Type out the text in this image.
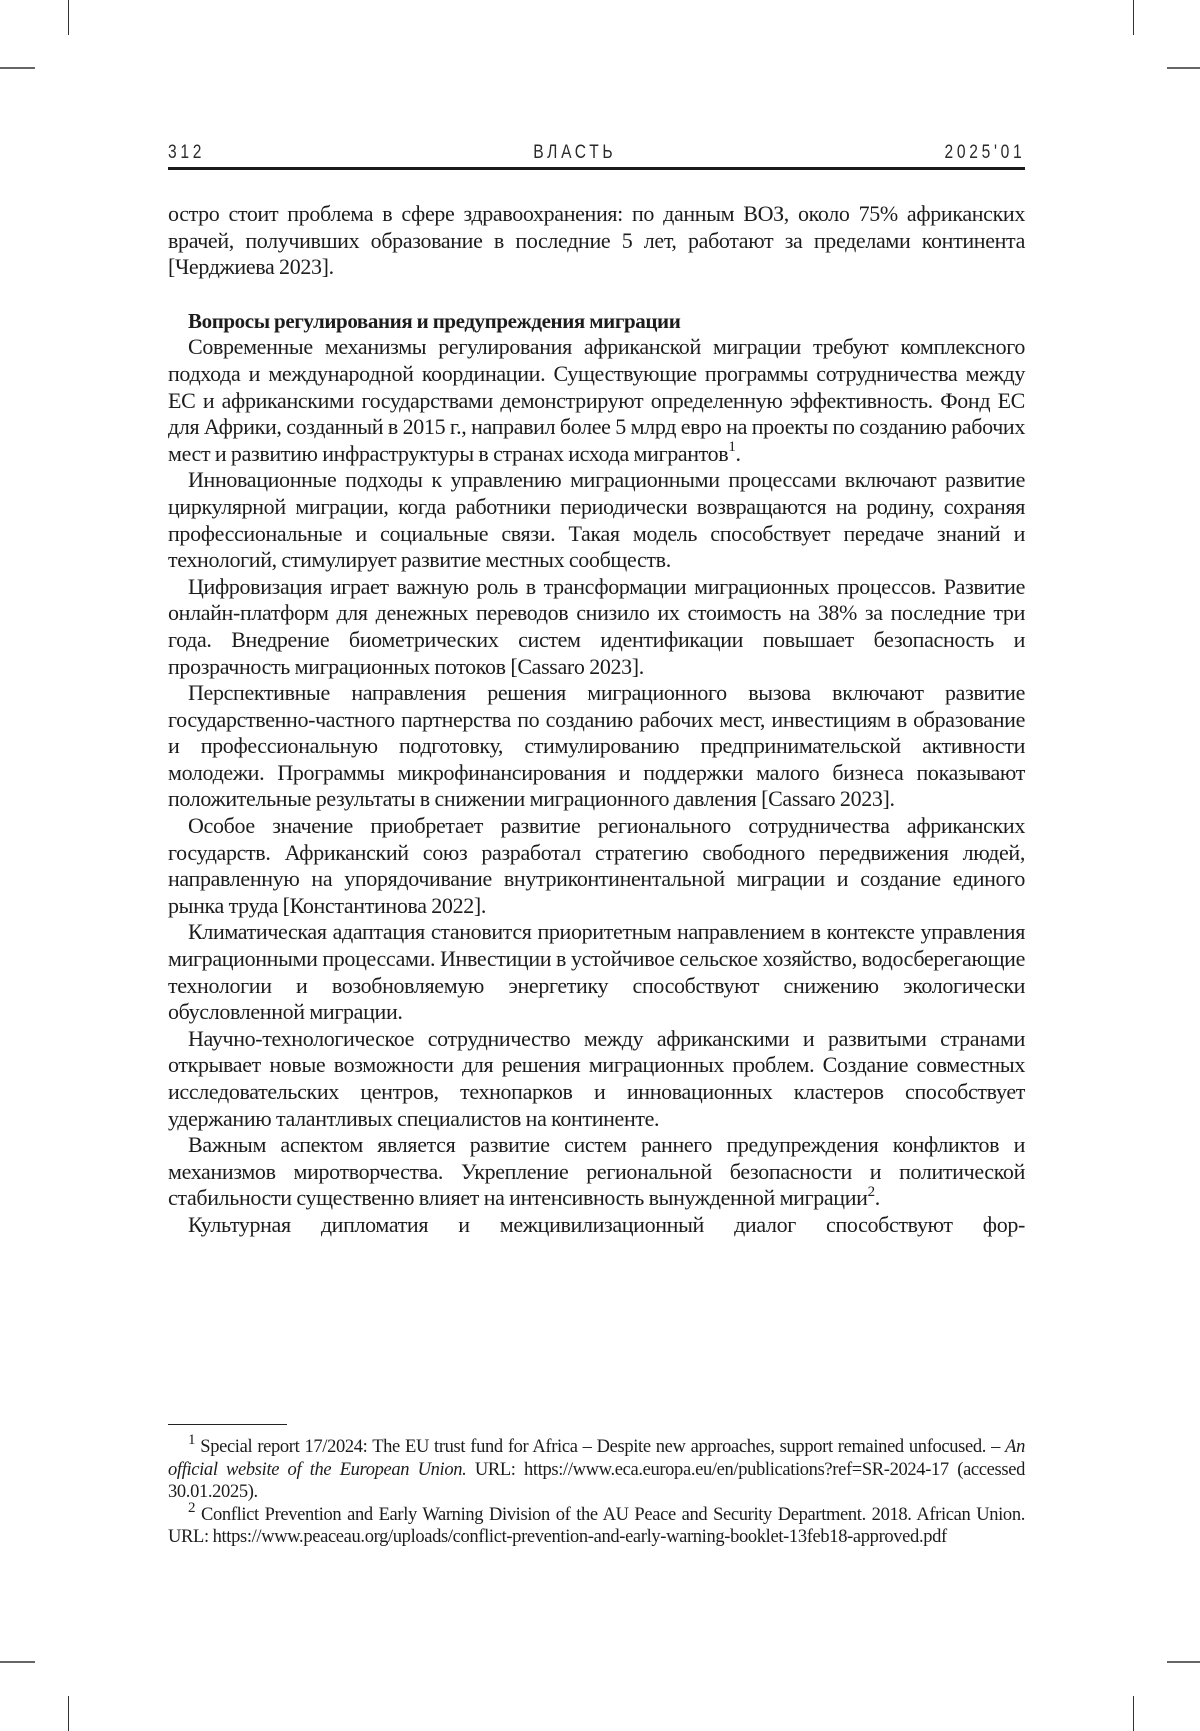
312	ВЛАСТЬ	2025'01

остро стоит проблема в сфере здравоохранения: по данным ВОЗ, около 75% африканских врачей, получивших образование в последние 5 лет, работают за пределами континента [Черджиева 2023].

Вопросы регулирования и предупреждения миграции

Современные механизмы регулирования африканской миграции требуют комплексного подхода и международной координации. Существующие программы сотрудничества между ЕС и африканскими государствами демонстрируют определенную эффективность. Фонд ЕС для Африки, созданный в 2015 г., направил более 5 млрд евро на проекты по созданию рабочих мест и развитию инфраструктуры в странах исхода мигрантов$^1$.

Инновационные подходы к управлению миграционными процессами включают развитие циркулярной миграции, когда работники периодически возвращаются на родину, сохраняя профессиональные и социальные связи. Такая модель способствует передаче знаний и технологий, стимулирует развитие местных сообществ.

Цифровизация играет важную роль в трансформации миграционных процессов. Развитие онлайн-платформ для денежных переводов снизило их стоимость на 38% за последние три года. Внедрение биометрических систем идентификации повышает безопасность и прозрачность миграционных потоков [Cassaro 2023].

Перспективные направления решения миграционного вызова включают развитие государственно-частного партнерства по созданию рабочих мест, инвестициям в образование и профессиональную подготовку, стимулированию предпринимательской активности молодежи. Программы микрофинансирования и поддержки малого бизнеса показывают положительные результаты в снижении миграционного давления [Cassaro 2023].

Особое значение приобретает развитие регионального сотрудничества африканских государств. Африканский союз разработал стратегию свободного передвижения людей, направленную на упорядочивание внутриконтинентальной миграции и создание единого рынка труда [Константинова 2022].

Климатическая адаптация становится приоритетным направлением в контексте управления миграционными процессами. Инвестиции в устойчивое сельское хозяйство, водосберегающие технологии и возобновляемую энергетику способствуют снижению экологически обусловленной миграции.

Научно-технологическое сотрудничество между африканскими и развитыми странами открывает новые возможности для решения миграционных проблем. Создание совместных исследовательских центров, технопарков и инновационных кластеров способствует удержанию талантливых специалистов на континенте.

Важным аспектом является развитие систем раннего предупреждения конфликтов и механизмов миротворчества. Укрепление региональной безопасности и политической стабильности существенно влияет на интенсивность вынужденной миграции$^2$.

Культурная дипломатия и межцивилизационный диалог способствуют фор-

$^1$ Special report 17/2024: The EU trust fund for Africa – Despite new approaches, support remained unfocused. – An official website of the European Union. URL: https://www.eca.europa.eu/en/publications?ref=SR-2024-17 (accessed 30.01.2025).

$^2$ Conflict Prevention and Early Warning Division of the AU Peace and Security Department. 2018. African Union. URL: https://www.peaceau.org/uploads/conflict-prevention-and-early-warning-booklet-13feb18-approved.pdf
